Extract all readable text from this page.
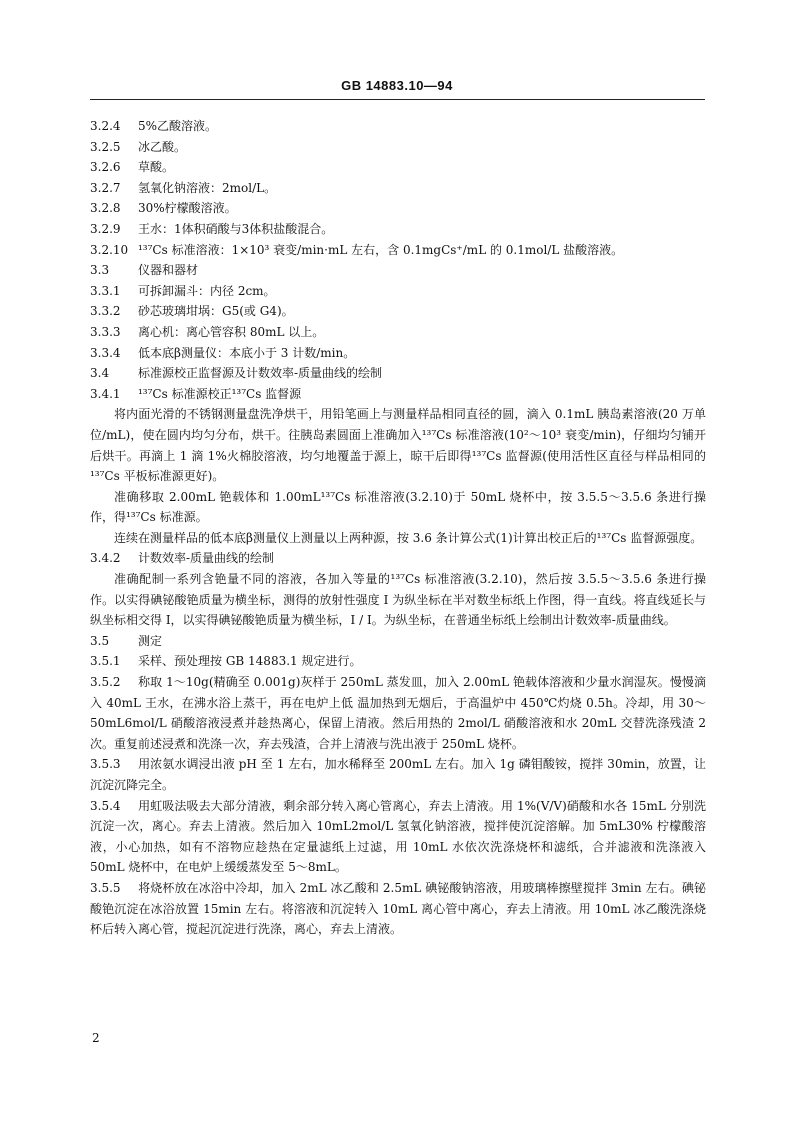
GB 14883.10—94
3.2.4 5%乙酸溶液。
3.2.5 冰乙酸。
3.2.6 草酸。
3.2.7 氢氧化钠溶液：2mol/L。
3.2.8 30%柠檬酸溶液。
3.2.9 王水：1体积硝酸与3体积盐酸混合。
3.2.10 ¹³⁷Cs 标准溶液：1×10³ 衰变/min·mL 左右，含 0.1mgCs⁺/mL 的 0.1mol/L 盐酸溶液。
3.3 仪器和器材
3.3.1 可拆卸漏斗：内径 2cm。
3.3.2 砂芯玻璃坩埚：G5(或 G4)。
3.3.3 离心机：离心管容积 80mL 以上。
3.3.4 低本底β测量仪：本底小于 3 计数/min。
3.4 标准源校正监督源及计数效率-质量曲线的绘制
3.4.1 ¹³⁷Cs 标准源校正¹³⁷Cs 监督源
将内面光滑的不锈钢测量盘洗净烘干，用铅笔画上与测量样品相同直径的圆，滴入 0.1mL 胰岛素溶液(20 万单位/mL)，使在圆内均匀分布，烘干。往胰岛素圆面上准确加入¹³⁷Cs 标准溶液(10²～10³ 衰变/min)，仔细均匀铺开后烘干。再滴上 1 滴 1%火棉胶溶液，均匀地覆盖于源上，晾干后即得¹³⁷Cs 监督源(使用活性区直径与样品相同的¹³⁷Cs 平板标准源更好)。
准确移取 2.00mL 铯载体和 1.00mL¹³⁷Cs 标准溶液(3.2.10)于 50mL 烧杯中，按 3.5.5～3.5.6 条进行操作，得¹³⁷Cs 标准源。
连续在测量样品的低本底β测量仪上测量以上两种源，按 3.6 条计算公式(1)计算出校正后的¹³⁷Cs 监督源强度。
3.4.2 计数效率-质量曲线的绘制
准确配制一系列含铯量不同的溶液，各加入等量的¹³⁷Cs 标准溶液(3.2.10)，然后按 3.5.5～3.5.6 条进行操作。以实得碘铋酸铯质量为横坐标，测得的放射性强度 I 为纵坐标在半对数坐标纸上作图，得一直线。将直线延长与纵坐标相交得 I，以实得碘铋酸铯质量为横坐标，I / I。为纵坐标，在普通坐标纸上绘制出计数效率-质量曲线。
3.5 测定
3.5.1 采样、预处理按 GB 14883.1 规定进行。
3.5.2 称取 1～10g(精确至 0.001g)灰样于 250mL 蒸发皿，加入 2.00mL 铯载体溶液和少量水润湿灰。慢慢滴入 40mL 王水，在沸水浴上蒸干，再在电炉上低 温加热到无烟后，于高温炉中 450℃灼烧 0.5h。冷却，用 30～50mL6mol/L 硝酸溶液浸煮并趁热离心，保留上清液。然后用热的 2mol/L 硝酸溶液和水 20mL 交替洗涤残渣 2 次。重复前述浸煮和洗涤一次，弃去残渣，合并上清液与洗出液于 250mL 烧杯。
3.5.3 用浓氨水调浸出液 pH 至 1 左右，加水稀释至 200mL 左右。加入 1g 磷钼酸铵，搅拌 30min，放置，让沉淀沉降完全。
3.5.4 用虹吸法吸去大部分清液，剩余部分转入离心管离心，弃去上清液。用 1%(V/V)硝酸和水各 15mL 分别洗沉淀一次，离心。弃去上清液。然后加入 10mL2mol/L 氢氧化钠溶液，搅拌使沉淀溶解。加 5mL30% 柠檬酸溶液，小心加热，如有不溶物应趁热在定量滤纸上过滤，用 10mL 水依次洗涤烧杯和滤纸，合并滤液和洗涤液入 50mL 烧杯中，在电炉上缓缓蒸发至 5～8mL。
3.5.5 将烧杯放在冰浴中冷却，加入 2mL 冰乙酸和 2.5mL 碘铋酸钠溶液，用玻璃棒擦壁搅拌 3min 左右。碘铋酸铯沉淀在冰浴放置 15min 左右。将溶液和沉淀转入 10mL 离心管中离心，弃去上清液。用 10mL 冰乙酸洗涤烧杯后转入离心管，搅起沉淀进行洗涤，离心，弃去上清液。
2
